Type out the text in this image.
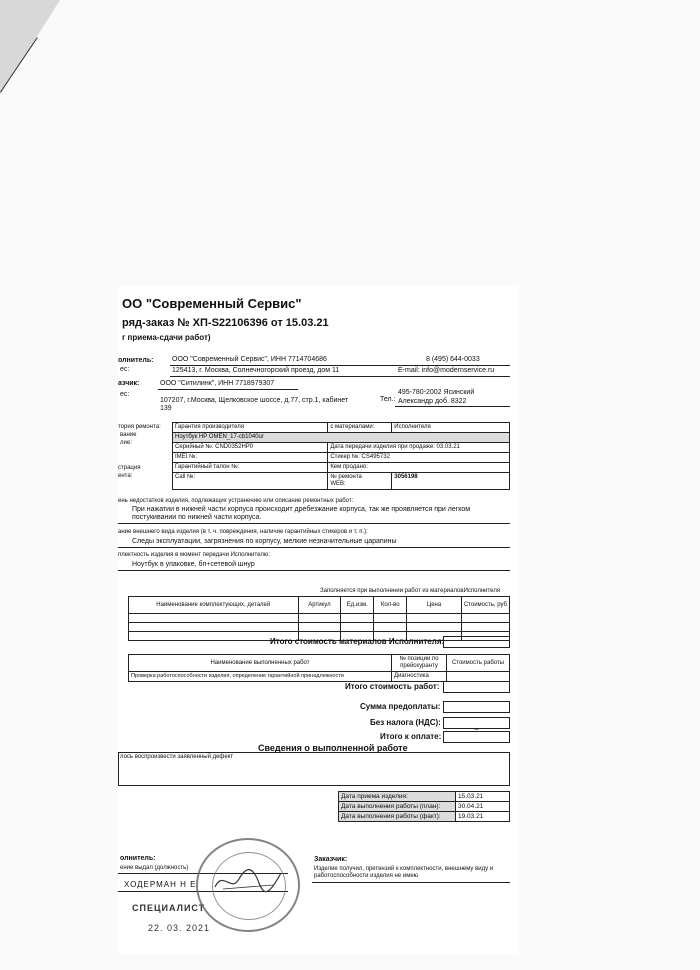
ОО "Современный Сервис"
ряд-заказ № ХП-S22106396 от 15.03.21
г приема-сдачи работ)
олнитель:
ес:
ООО "Современный Сервис", ИНН 7714704686	8 (495) 644-0033
125413, г. Москва, Солнечногорский проезд, дом 11	E-mail: info@modernservice.ru
азчик:
ес:
ООО "Ситилинк", ИНН 7718979307
107207, г.Москва, Щелковское шоссе, д.77, стр.1, кабинет
139
Тел.:
495-780-2002 Ясинский
Александр доб. 8322
тория ремонта:
вание
лие:
страция
ента:
Гарантия производителя	с материалами:	Исполнителя
Ноутбук HP OMEN_17-cb1040ur		
Серийный №: CND0352HP0	Дата передачи изделия при продаже: 03.03.21	
IMEI №:	Стикер №: CS495732	
Гарантийный талон №:	Кем продано:	
Call №:	№ ремонта
WEB:	3056198
ень недостатков изделия, подлежащих устранению или описание ремонтных работ:
При нажатии в нижней части корпуса происходит дребезжание корпуса, так же проявляется при легком
постукивании по нижней части корпуса.
ание внешнего вида изделия (в т. ч. повреждения, наличие гарантийных стикеров и т. п.):
Следы эксплуатации, загрязнения по корпусу, мелкие незначительные царапины
плектность изделия в момент передачи Исполнителю:
Ноутбук в упаковке, бп+сетевой шнур
Заполняется при выполнении работ из материаловИсполнителя
Наименование комплектующих, деталей	Артикул	Ед.изм.	Кол-во	Цена	Стоимость, руб

Итого стоимость материалов Исполнителя:
Наименование выполненных работ	№ позиции по прейскуранту	Стоимость работы
Проверка работоспособности изделия, определение гарантийной принадлежности	Диагностика	
Итого стоимость работ:
Сумма предоплаты:
Без налога (НДС):
–
Итого к оплате:
Сведения о выполненной работе
лось воспроизвести заявленный дефект
Дата приема изделия:	15.03.21
Дата выполнения работы (план):	30.04.21
Дата выполнения работы (факт):	19.03.21
олнитель:
ение выдал (должность)
ХОДЕРМАН Н Е
СПЕЦИАЛИСТ
22. 03. 2021
Заказчик:
Изделие получил, претензий к комплектности, внешнему виду и
работоспособности изделия не имею
